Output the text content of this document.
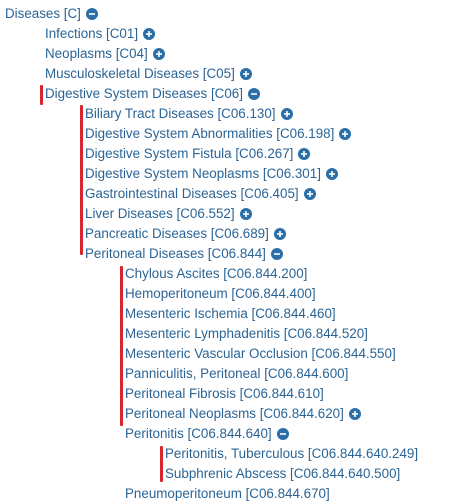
Diseases [C]
Infections [C01]
Neoplasms [C04]
Musculoskeletal Diseases [C05]
Digestive System Diseases [C06]
Biliary Tract Diseases [C06.130]
Digestive System Abnormalities [C06.198]
Digestive System Fistula [C06.267]
Digestive System Neoplasms [C06.301]
Gastrointestinal Diseases [C06.405]
Liver Diseases [C06.552]
Pancreatic Diseases [C06.689]
Peritoneal Diseases [C06.844]
Chylous Ascites [C06.844.200]
Hemoperitoneum [C06.844.400]
Mesenteric Ischemia [C06.844.460]
Mesenteric Lymphadenitis [C06.844.520]
Mesenteric Vascular Occlusion [C06.844.550]
Panniculitis, Peritoneal [C06.844.600]
Peritoneal Fibrosis [C06.844.610]
Peritoneal Neoplasms [C06.844.620]
Peritonitis [C06.844.640]
Peritonitis, Tuberculous [C06.844.640.249]
Subphrenic Abscess [C06.844.640.500]
Pneumoperitoneum [C06.844.670]
